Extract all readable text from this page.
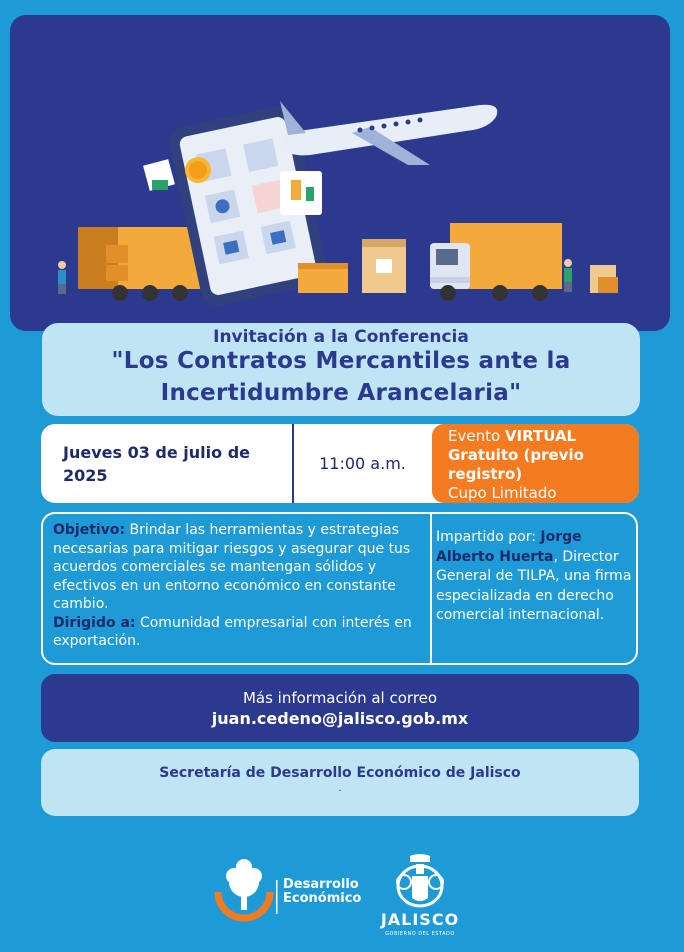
Invitación a la Conferencia
"Los Contratos Mercantiles ante la
Incertidumbre Arancelaria"
Jueves 03 de julio de 2025
11:00 a.m.
Evento VIRTUAL Gratuito (previo registro)
Cupo Limitado
Objetivo: Brindar las herramientas y estrategias necesarias para mitigar riesgos y asegurar que tus acuerdos comerciales se mantengan sólidos y efectivos en un entorno económico en constante cambio.
Dirigido a: Comunidad empresarial con interés en exportación.
Impartido por: Jorge Alberto Huerta, Director General de TILPA, una firma especializada en derecho comercial internacional.
Más información al correo
juan.cedeno@jalisco.gob.mx
Secretaría de Desarrollo Económico de Jalisco
.
Desarrollo
Económico
JALISCO
GOBIERNO DEL ESTADO
